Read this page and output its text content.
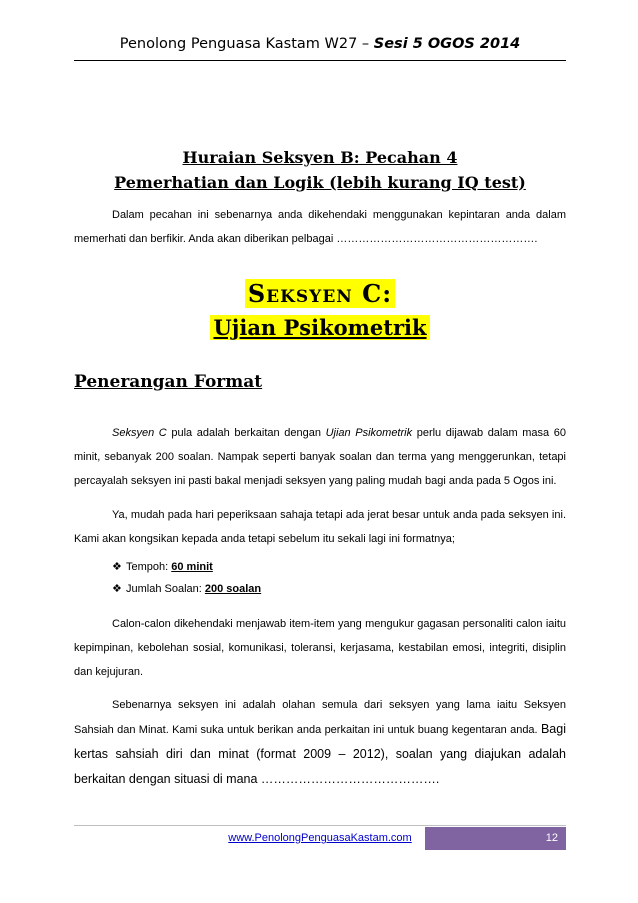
Penolong Penguasa Kastam W27 – Sesi 5 OGOS 2014
Huraian Seksyen B: Pecahan 4
Pemerhatian dan Logik (lebih kurang IQ test)

Dalam pecahan ini sebenarnya anda dikehendaki menggunakan kepintaran anda dalam memerhati dan berfikir. Anda akan diberikan pelbagai ……………………………………………….

Seksyen C:
Ujian Psikometrik
Penerangan Format

Seksyen C pula adalah berkaitan dengan Ujian Psikometrik perlu dijawab dalam masa 60 minit, sebanyak 200 soalan. Nampak seperti banyak soalan dan terma yang menggerunkan, tetapi percayalah seksyen ini pasti bakal menjadi seksyen yang paling mudah bagi anda pada 5 Ogos ini.

Ya, mudah pada hari peperiksaan sahaja tetapi ada jerat besar untuk anda pada seksyen ini. Kami akan kongsikan kepada anda tetapi sebelum itu sekali lagi ini formatnya;

❖ Tempoh: 60 minit
❖ Jumlah Soalan: 200 soalan

Calon-calon dikehendaki menjawab item-item yang mengukur gagasan personaliti calon iaitu kepimpinan, kebolehan sosial, komunikasi, toleransi, kerjasama, kestabilan emosi, integriti, disiplin dan kejujuran.

Sebenarnya seksyen ini adalah olahan semula dari seksyen yang lama iaitu Seksyen Sahsiah dan Minat. Kami suka untuk berikan anda perkaitan ini untuk buang kegentaran anda. Bagi kertas sahsiah diri dan minat (format 2009 – 2012), soalan yang diajukan adalah berkaitan dengan situasi di mana …………………………………….

www.PenolongPenguasaKastam.com	12
